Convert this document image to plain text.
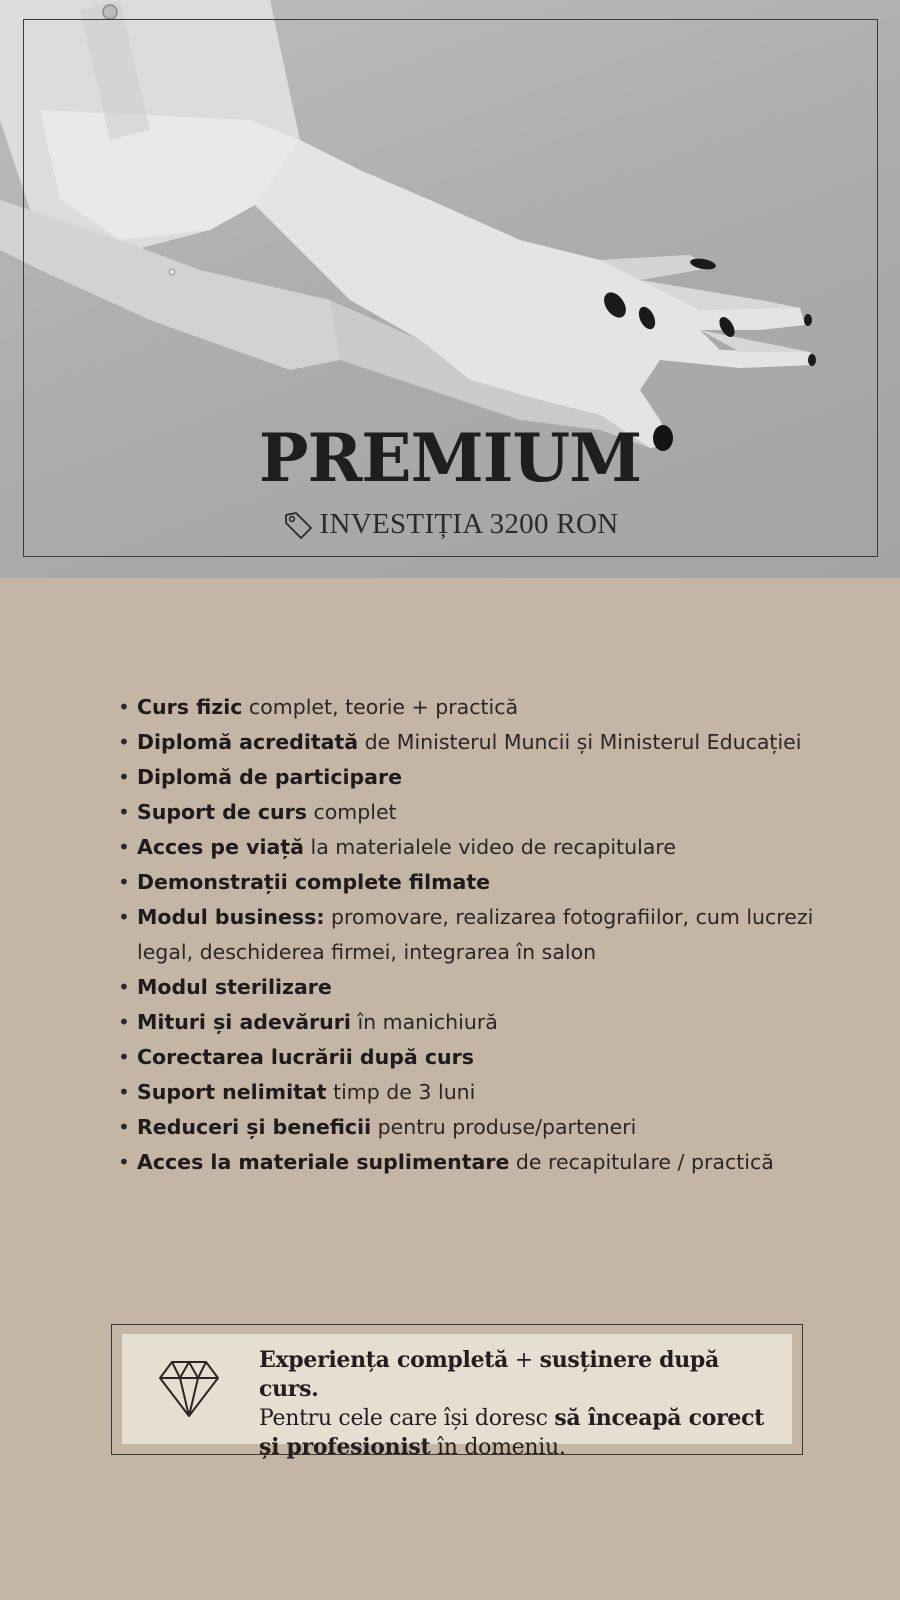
PREMIUM
INVESTIȚIA 3200 RON
• Curs fizic complet, teorie + practică
• Diplomă acreditată de Ministerul Muncii și Ministerul Educației
• Diplomă de participare
• Suport de curs complet
• Acces pe viață la materialele video de recapitulare
• Demonstrații complete filmate
• Modul business: promovare, realizarea fotografiilor, cum lucrezi legal, deschiderea firmei, integrarea în salon
• Modul sterilizare
• Mituri și adevăruri în manichiură
• Corectarea lucrării după curs
• Suport nelimitat timp de 3 luni
• Reduceri și beneficii pentru produse/parteneri
• Acces la materiale suplimentare de recapitulare / practică
Experiența completă + susținere după curs.
Pentru cele care își doresc să înceapă corect
și profesionist în domeniu.
